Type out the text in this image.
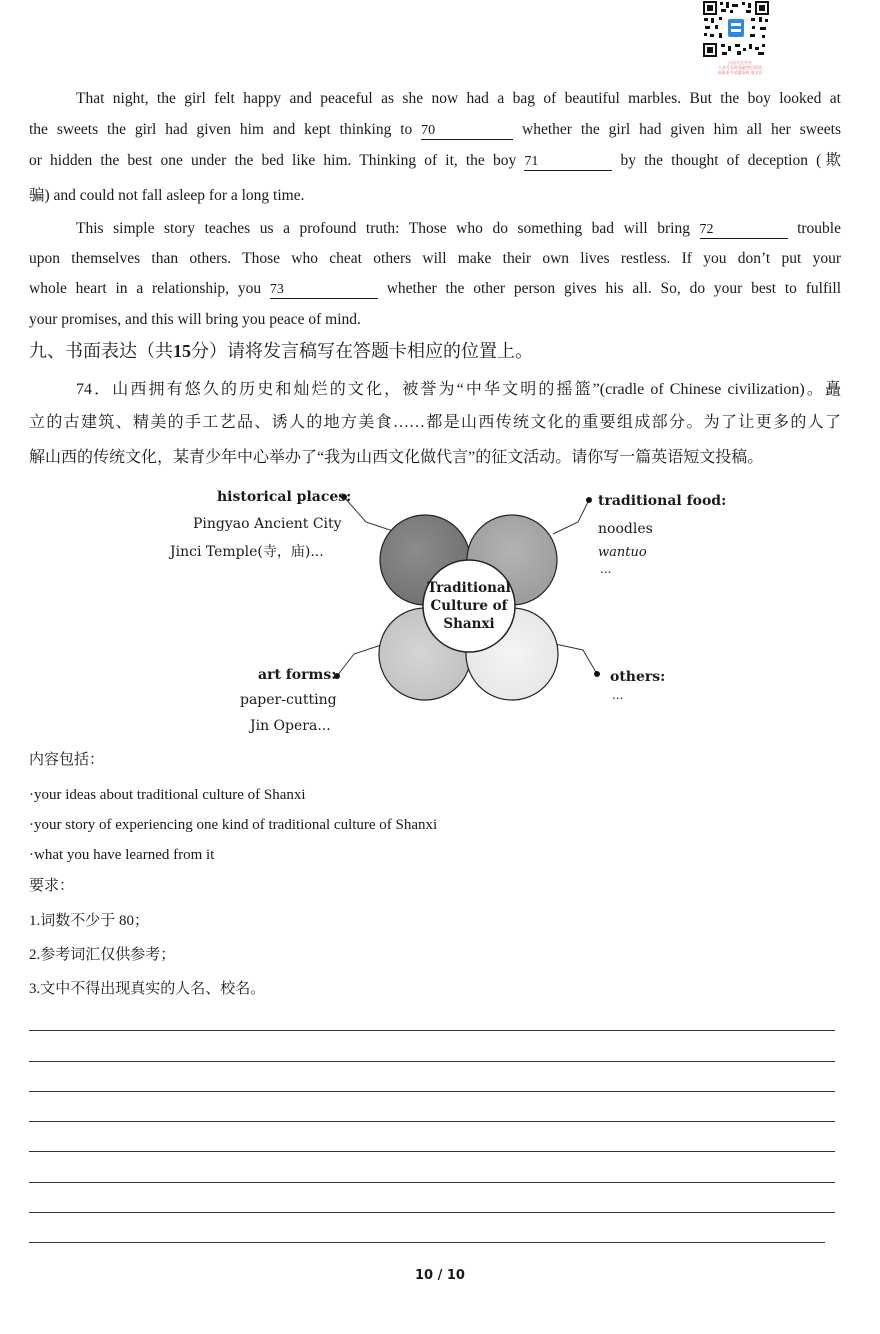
点击关注平台
公众号及时获取考后资讯
获取更多试题资料 请关注
That night, the girl felt happy and peaceful as she now had a bag of beautiful marbles. But the boy looked at
the sweets the girl had given him and kept thinking to 70	whether the girl had given him all her sweets
or hidden the best one under the bed like him. Thinking of it, the boy 71	by the thought of deception (欺
骗) and could not fall asleep for a long time.
This simple story teaches us a profound truth: Those who do something bad will bring 72	trouble
upon themselves than others. Those who cheat others will make their own lives restless. If you don’t put your
whole heart in a relationship, you 73	whether the other person gives his all. So, do your best to fulfill
your promises, and this will bring you peace of mind.
九、书面表达（共15分）请将发言稿写在答题卡相应的位置上。
74．山西拥有悠久的历史和灿烂的文化，被誉为“中华文明的摇篮”(cradle of Chinese civilization)。矗
立的古建筑、精美的手工艺品、诱人的地方美食……都是山西传统文化的重要组成部分。为了让更多的人了
解山西的传统文化，某青少年中心举办了“我为山西文化做代言”的征文活动。请你写一篇英语短文投稿。
Traditional
Culture of
Shanxi
historical places:
Pingyao Ancient City
Jinci Temple(寺，庙)...
traditional food:
noodles
wantuo
...
art forms:
paper-cutting
Jin Opera...
others:
...
内容包括：
·your ideas about traditional culture of Shanxi
·your story of experiencing one kind of traditional culture of Shanxi
·what you have learned from it
要求：
1.词数不少于 80；
2.参考词汇仅供参考；
3.文中不得出现真实的人名、校名。
10 / 10
